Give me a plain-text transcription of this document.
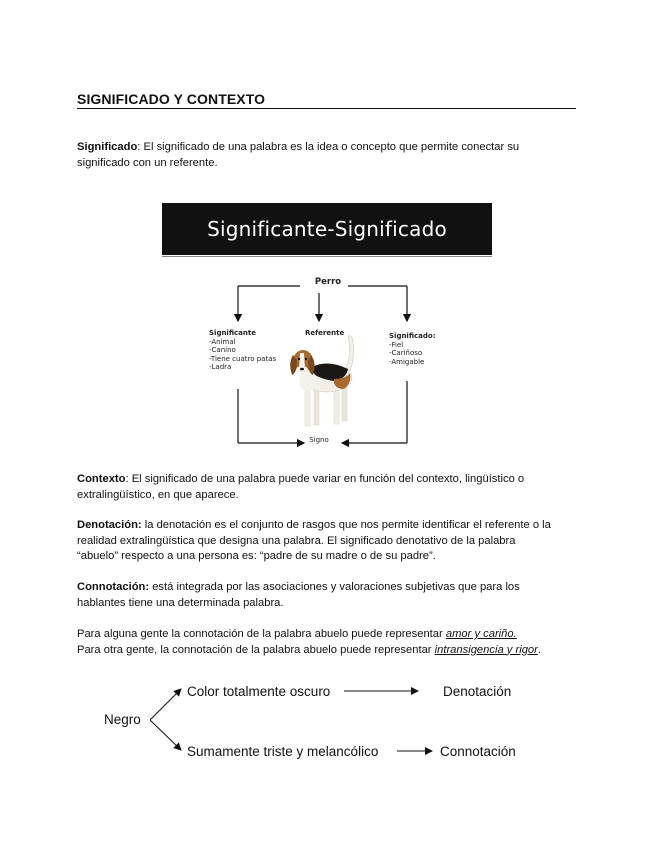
SIGNIFICADO Y CONTEXTO
Significado: El significado de una palabra es la idea o concepto que permite conectar su
significado con un referente.
Significante-Significado
Perro
Significante
-Animal
-Canino
-Tiene cuatro patas
-Ladra
Referente	Significado:
-Fiel
-Cariñoso
-Amigable
Signo
Contexto: El significado de una palabra puede variar en función del contexto, lingüístico o
extralingüístico, en que aparece.
Denotación: la denotación es el conjunto de rasgos que nos permite identificar el referente o la
realidad extralingüística que designa una palabra. El significado denotativo de la palabra
“abuelo” respecto a una persona es: “padre de su madre o de su padre”.
Connotación: está integrada por las asociaciones y valoraciones subjetivas que para los
hablantes tiene una determinada palabra.
Para alguna gente la connotación de la palabra abuelo puede representar amor y cariño.
Para otra gente, la connotación de la palabra abuelo puede representar intransigencia y rigor.
Negro
Color totalmente oscuro	Denotación
Sumamente triste y melancólico	Connotación
